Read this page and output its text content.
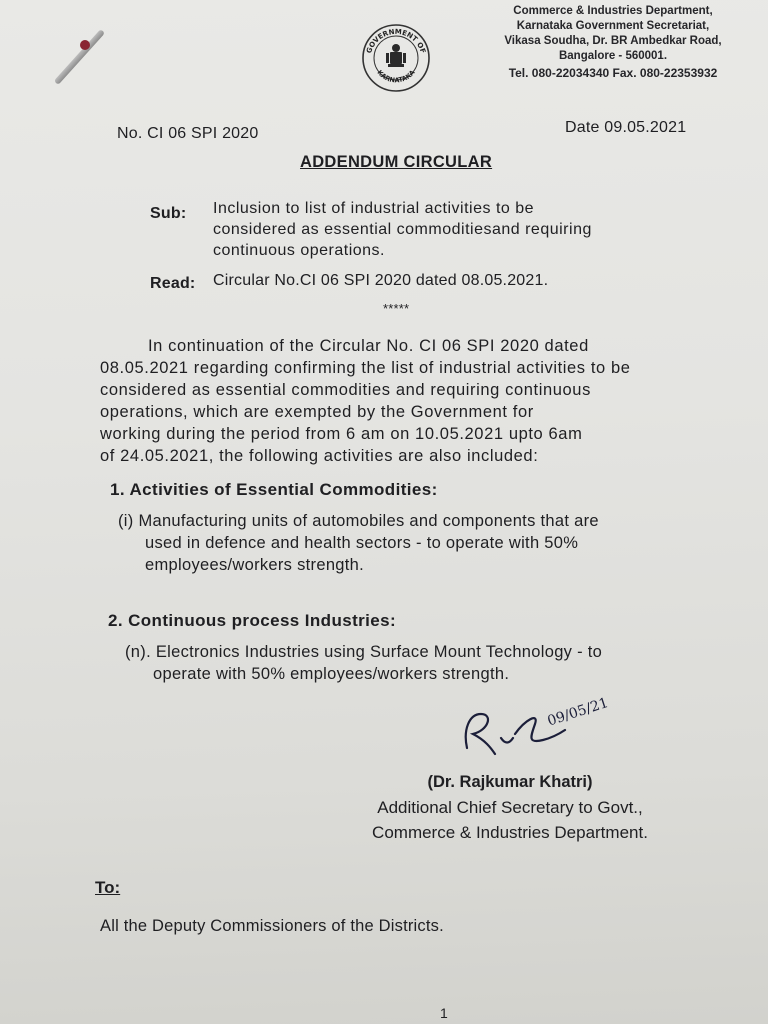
GOVERNMENT OF
KARNATAKA
Commerce & Industries Department,
Karnataka Government Secretariat,
Vikasa Soudha, Dr. BR Ambedkar Road,
Bangalore - 560001.
Tel. 080-22034340 Fax. 080-22353932
No. CI 06 SPI 2020	Date 09.05.2021
ADDENDUM CIRCULAR
Sub: Inclusion to list of industrial activities to be
considered as essential commoditiesand requiring
continuous operations.
Read: Circular No.CI 06 SPI 2020 dated 08.05.2021.
*****
In continuation of the Circular No. CI 06 SPI 2020 dated
08.05.2021 regarding confirming the list of industrial activities to be
considered as essential commodities and requiring continuous
operations, which are exempted by the Government for
working during the period from 6 am on 10.05.2021 upto 6am
of 24.05.2021, the following activities are also included:
1. Activities of Essential Commodities:
(i) Manufacturing units of automobiles and components that are
used in defence and health sectors - to operate with 50%
employees/workers strength.
2. Continuous process Industries:
(n). Electronics Industries using Surface Mount Technology - to
operate with 50% employees/workers strength.
09/05/21
(Dr. Rajkumar Khatri)
Additional Chief Secretary to Govt.,
Commerce & Industries Department.
To:
All the Deputy Commissioners of the Districts.
1
